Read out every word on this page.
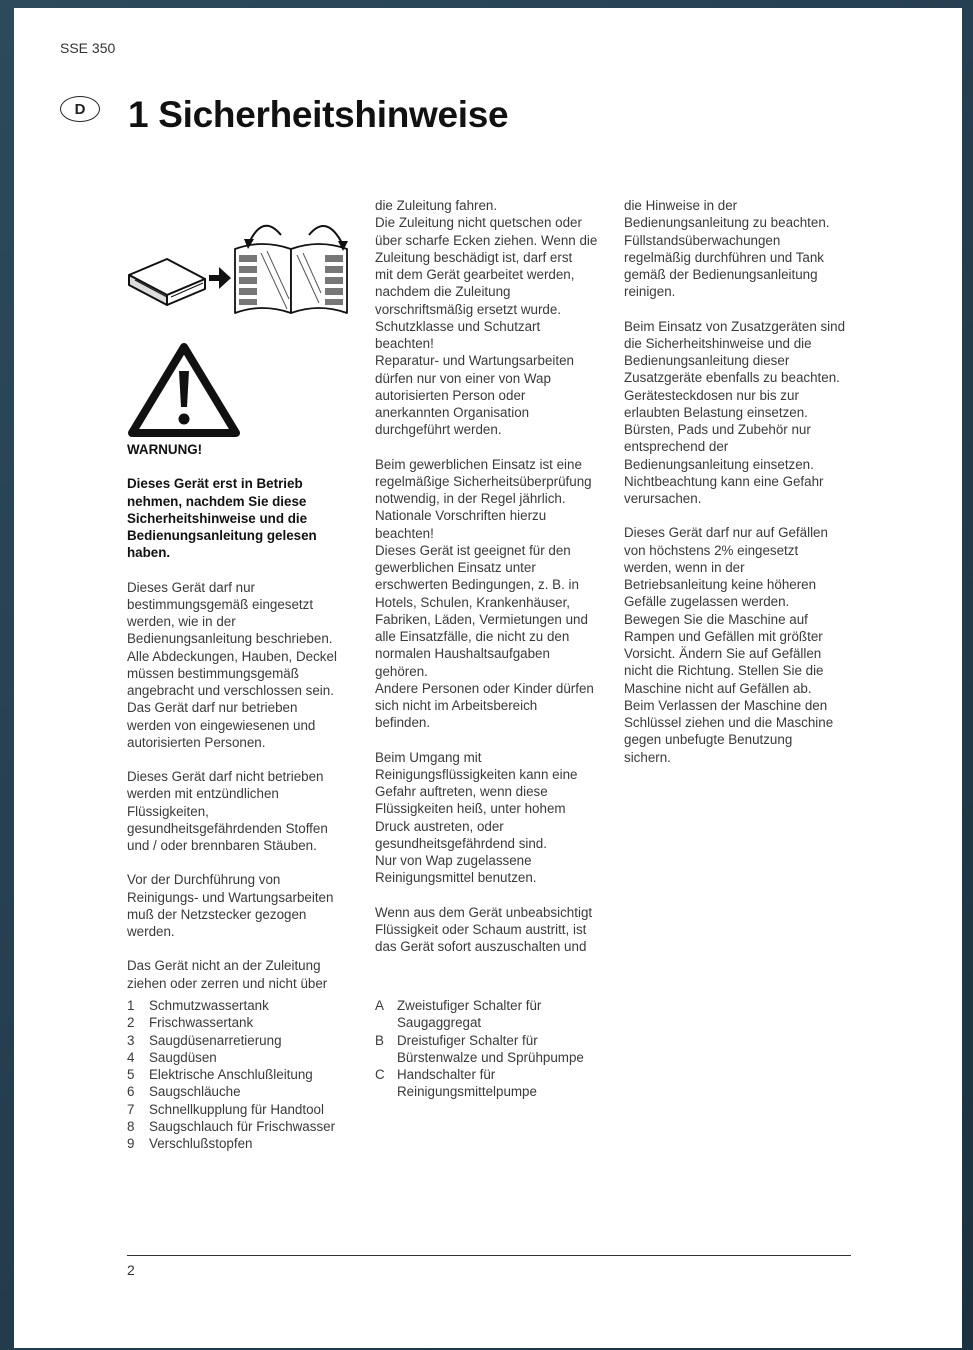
SSE 350
D	1 Sicherheitshinweise

WARNUNG!

Dieses Gerät erst in Betrieb
nehmen, nachdem Sie diese
Sicherheitshinweise und die
Bedienungsanleitung gelesen
haben.

Dieses Gerät darf nur
bestimmungsgemäß eingesetzt
werden, wie in der
Bedienungsanleitung beschrieben.
Alle Abdeckungen, Hauben, Deckel
müssen bestimmungsgemäß
angebracht und verschlossen sein.
Das Gerät darf nur betrieben
werden von eingewiesenen und
autorisierten Personen.

Dieses Gerät darf nicht betrieben
werden mit entzündlichen
Flüssigkeiten,
gesundheitsgefährdenden Stoffen
und / oder brennbaren Stäuben.

Vor der Durchführung von
Reinigungs- und Wartungsarbeiten
muß der Netzstecker gezogen
werden.

Das Gerät nicht an der Zuleitung
ziehen oder zerren und nicht über

die Zuleitung fahren.
Die Zuleitung nicht quetschen oder
über scharfe Ecken ziehen. Wenn die
Zuleitung beschädigt ist, darf erst
mit dem Gerät gearbeitet werden,
nachdem die Zuleitung
vorschriftsmäßig ersetzt wurde.
Schutzklasse und Schutzart
beachten!
Reparatur- und Wartungsarbeiten
dürfen nur von einer von Wap
autorisierten Person oder
anerkannten Organisation
durchgeführt werden.

Beim gewerblichen Einsatz ist eine
regelmäßige Sicherheitsüberprüfung
notwendig, in der Regel jährlich.
Nationale Vorschriften hierzu
beachten!
Dieses Gerät ist geeignet für den
gewerblichen Einsatz unter
erschwerten Bedingungen, z. B. in
Hotels, Schulen, Krankenhäuser,
Fabriken, Läden, Vermietungen und
alle Einsatzfälle, die nicht zu den
normalen Haushaltsaufgaben
gehören.
Andere Personen oder Kinder dürfen
sich nicht im Arbeitsbereich
befinden.

Beim Umgang mit
Reinigungsflüssigkeiten kann eine
Gefahr auftreten, wenn diese
Flüssigkeiten heiß, unter hohem
Druck austreten, oder
gesundheitsgefährdend sind.
Nur von Wap zugelassene
Reinigungsmittel benutzen.

Wenn aus dem Gerät unbeabsichtigt
Flüssigkeit oder Schaum austritt, ist
das Gerät sofort auszuschalten und

die Hinweise in der
Bedienungsanleitung zu beachten.
Füllstandsüberwachungen
regelmäßig durchführen und Tank
gemäß der Bedienungsanleitung
reinigen.

Beim Einsatz von Zusatzgeräten sind
die Sicherheitshinweise und die
Bedienungsanleitung dieser
Zusatzgeräte ebenfalls zu beachten.
Gerätesteckdosen nur bis zur
erlaubten Belastung einsetzen.
Bürsten, Pads und Zubehör nur
entsprechend der
Bedienungsanleitung einsetzen.
Nichtbeachtung kann eine Gefahr
verursachen.

Dieses Gerät darf nur auf Gefällen
von höchstens 2% eingesetzt
werden, wenn in der
Betriebsanleitung keine höheren
Gefälle zugelassen werden.
Bewegen Sie die Maschine auf
Rampen und Gefällen mit größter
Vorsicht. Ändern Sie auf Gefällen
nicht die Richtung. Stellen Sie die
Maschine nicht auf Gefällen ab.
Beim Verlassen der Maschine den
Schlüssel ziehen und die Maschine
gegen unbefugte Benutzung
sichern.

1	Schmutzwassertank
2	Frischwassertank
3	Saugdüsenarretierung
4	Saugdüsen
5	Elektrische Anschlußleitung
6	Saugschläuche
7	Schnellkupplung für Handtool
8	Saugschlauch für Frischwasser
9	Verschlußstopfen
A Zweistufiger Schalter für
Saugaggregat
B Dreistufiger Schalter für
Bürstenwalze und Sprühpumpe
C Handschalter für
Reinigungsmittelpumpe
2
